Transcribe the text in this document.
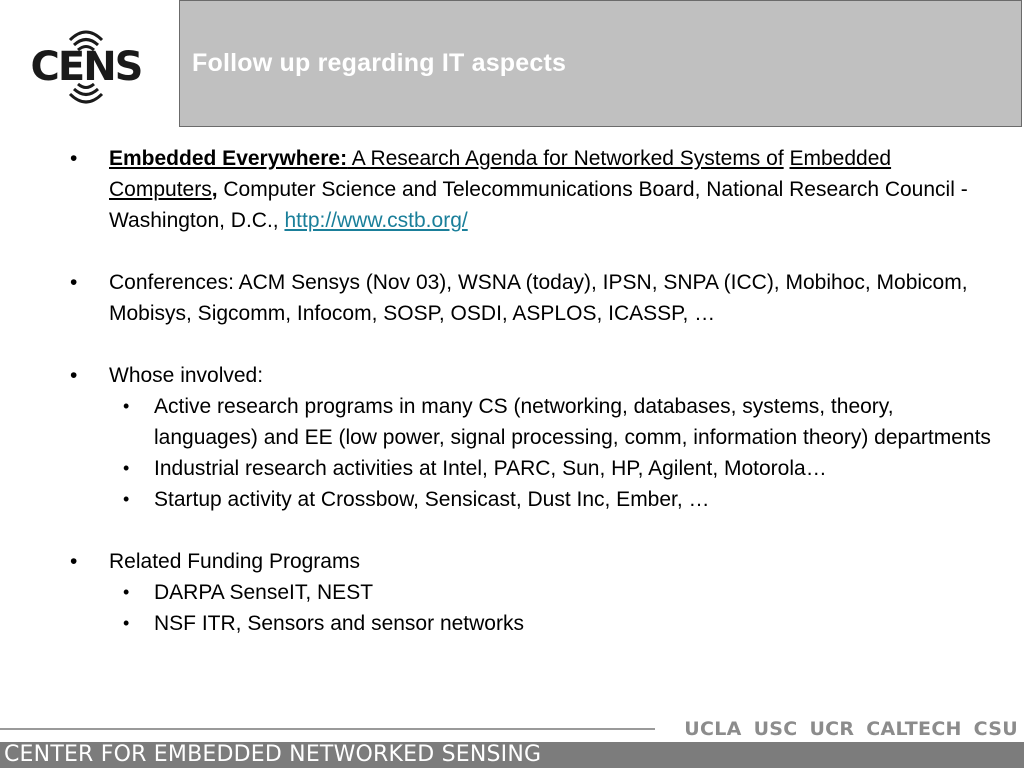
CENS Follow up regarding IT aspects
• Embedded Everywhere: A Research Agenda for Networked Systems of Embedded Computers, Computer Science and Telecommunications Board, National Research Council - Washington, D.C., http://www.cstb.org/
• Conferences: ACM Sensys (Nov 03), WSNA (today), IPSN, SNPA (ICC), Mobihoc, Mobicom, Mobisys, Sigcomm, Infocom, SOSP, OSDI, ASPLOS, ICASSP, …
• Whose involved:
• Active research programs in many CS (networking, databases, systems, theory, languages) and EE (low power, signal processing, comm, information theory) departments
• Industrial research activities at Intel, PARC, Sun, HP, Agilent, Motorola…
• Startup activity at Crossbow, Sensicast, Dust Inc, Ember, …
• Related Funding Programs
• DARPA SenseIT, NEST
• NSF ITR, Sensors and sensor networks
UCLA USC UCR CALTECH CSU
CENTER FOR EMBEDDED NETWORKED SENSING
